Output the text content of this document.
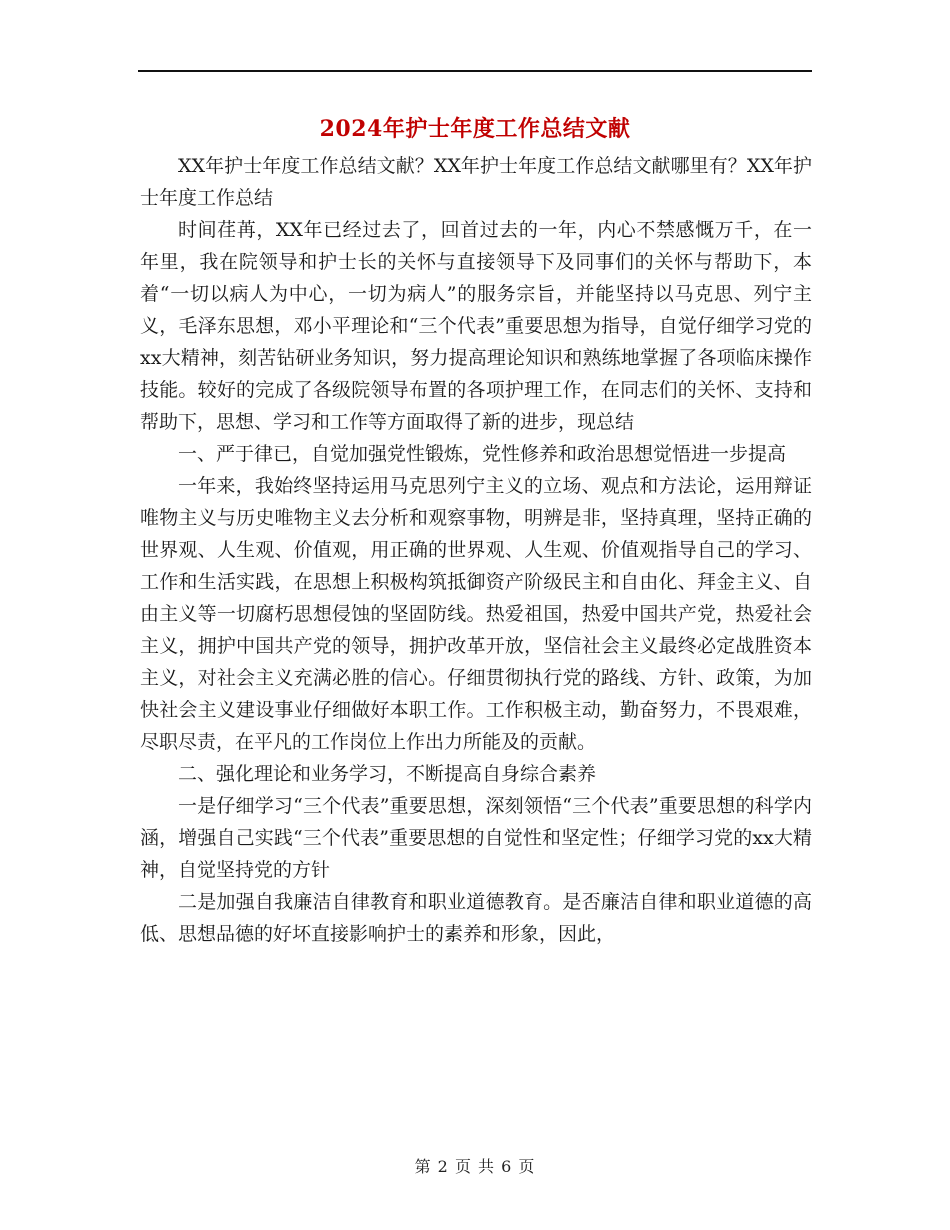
2024年护士年度工作总结文献

XX年护士年度工作总结文献？XX年护士年度工作总结文献哪里有？XX年护士年度工作总结

时间荏苒，XX年已经过去了，回首过去的一年，内心不禁感慨万千，在一年里，我在院领导和护士长的关怀与直接领导下及同事们的关怀与帮助下，本着“一切以病人为中心，一切为病人”的服务宗旨，并能坚持以马克思、列宁主义，毛泽东思想，邓小平理论和“三个代表”重要思想为指导，自觉仔细学习党的xx大精神，刻苦钻研业务知识，努力提高理论知识和熟练地掌握了各项临床操作技能。较好的完成了各级院领导布置的各项护理工作，在同志们的关怀、支持和帮助下，思想、学习和工作等方面取得了新的进步，现总结

一、严于律已，自觉加强党性锻炼，党性修养和政治思想觉悟进一步提高

一年来，我始终坚持运用马克思列宁主义的立场、观点和方法论，运用辩证唯物主义与历史唯物主义去分析和观察事物，明辨是非，坚持真理，坚持正确的世界观、人生观、价值观，用正确的世界观、人生观、价值观指导自己的学习、工作和生活实践，在思想上积极构筑抵御资产阶级民主和自由化、拜金主义、自由主义等一切腐朽思想侵蚀的坚固防线。热爱祖国，热爱中国共产党，热爱社会主义，拥护中国共产党的领导，拥护改革开放，坚信社会主义最终必定战胜资本主义，对社会主义充满必胜的信心。仔细贯彻执行党的路线、方针、政策，为加快社会主义建设事业仔细做好本职工作。工作积极主动，勤奋努力，不畏艰难，尽职尽责，在平凡的工作岗位上作出力所能及的贡献。

二、强化理论和业务学习，不断提高自身综合素养

一是仔细学习“三个代表”重要思想，深刻领悟“三个代表”重要思想的科学内涵，增强自己实践“三个代表”重要思想的自觉性和坚定性；仔细学习党的xx大精神，自觉坚持党的方针

二是加强自我廉洁自律教育和职业道德教育。是否廉洁自律和职业道德的高低、思想品德的好坏直接影响护士的素养和形象，因此，

第 2 页 共 6 页
